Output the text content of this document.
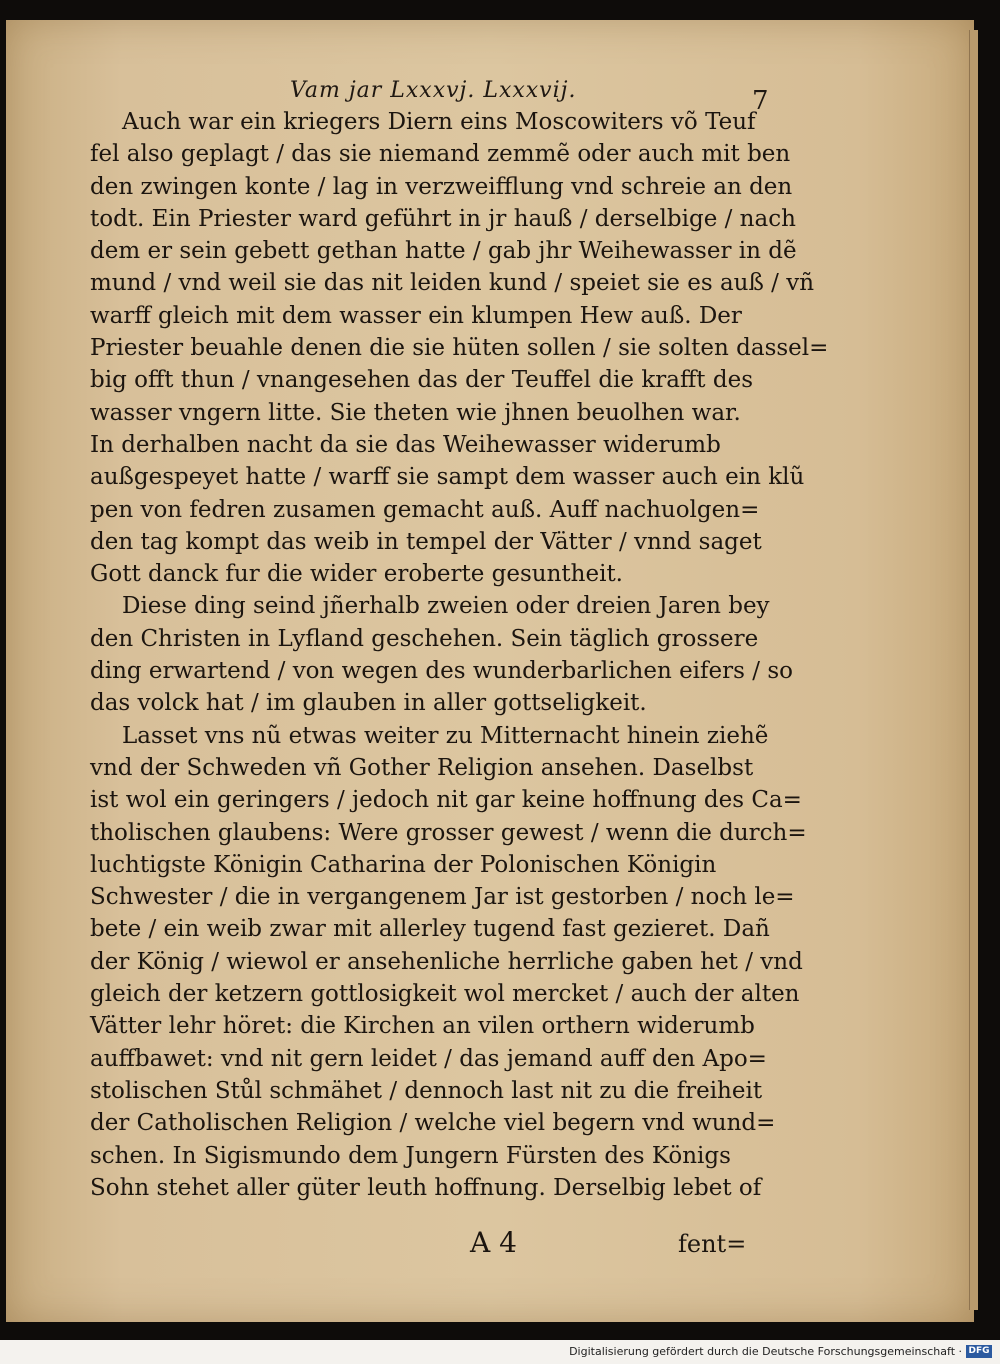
Vam jar Lxxxvj. Lxxxvij.	7
Auch war ein kriegers Diern eins Moscowiters võ Teuf
fel also geplagt / das sie niemand zemmẽ oder auch mit ben
den zwingen konte / lag in verzweifflung vnd schreie an den
todt. Ein Priester ward geführt in jr hauß / derselbige / nach
dem er sein gebett gethan hatte / gab jhr Weihewasser in dẽ
mund / vnd weil sie das nit leiden kund / speiet sie es auß / vñ
warff gleich mit dem wasser ein klumpen Hew auß. Der
Priester beuahle denen die sie hüten sollen / sie solten dassel=
big offt thun / vnangesehen das der Teuffel die krafft des
wasser vngern litte. Sie theten wie jhnen beuolhen war.
In derhalben nacht da sie das Weihewasser widerumb
außgespeyet hatte / warff sie sampt dem wasser auch ein klũ
pen von fedren zusamen gemacht auß. Auff nachuolgen=
den tag kompt das weib in tempel der Vätter / vnnd saget
Gott danck fur die wider eroberte gesuntheit.
Diese ding seind jñerhalb zweien oder dreien Jaren bey
den Christen in Lyfland geschehen. Sein täglich grossere
ding erwartend / von wegen des wunderbarlichen eifers / so
das volck hat / im glauben in aller gottseligkeit.
Lasset vns nũ etwas weiter zu Mitternacht hinein ziehẽ
vnd der Schweden vñ Gother Religion ansehen. Daselbst
ist wol ein geringers / jedoch nit gar keine hoffnung des Ca=
tholischen glaubens: Were grosser gewest / wenn die durch=
luchtigste Königin Catharina der Polonischen Königin
Schwester / die in vergangenem Jar ist gestorben / noch le=
bete / ein weib zwar mit allerley tugend fast gezieret. Dañ
der König / wiewol er ansehenliche herrliche gaben het / vnd
gleich der ketzern gottlosigkeit wol mercket / auch der alten
Vätter lehr höret: die Kirchen an vilen orthern widerumb
auffbawet: vnd nit gern leidet / das jemand auff den Apo=
stolischen Stůl schmähet / dennoch last nit zu die freiheit
der Catholischen Religion / welche viel begern vnd wund=
schen. In Sigismundo dem Jungern Fürsten des Königs
Sohn stehet aller güter leuth hoffnung. Derselbig lebet of
A 4	fent=
Digitalisierung gefördert durch die Deutsche Forschungsgemeinschaft · DFG
